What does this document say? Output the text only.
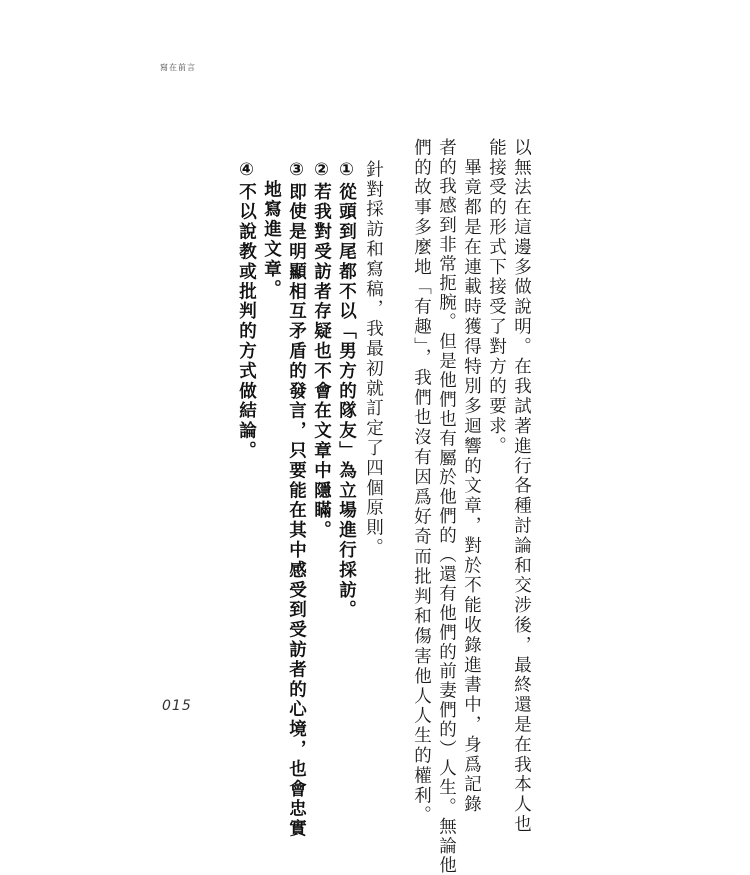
寫在前言
以無法在這邊多做說明。在我試著進行各種討論和交涉後，最終還是在我本人也
能接受的形式下接受了對方的要求。
　畢竟都是在連載時獲得特別多迴響的文章，對於不能收錄進書中，身爲記錄
者的我感到非常扼腕。但是他們也有屬於他們的（還有他們的前妻們的）人生。無論他
們的故事多麼地「有趣」，我們也沒有因爲好奇而批判和傷害他人人生的權利。
針對採訪和寫稿，我最初就訂定了四個原則。
①從頭到尾都不以「男方的隊友」為立場進行採訪。
②若我對受訪者存疑也不會在文章中隱瞞。
③即使是明顯相互矛盾的發言，只要能在其中感受到受訪者的心境，也會忠實
　地寫進文章。
④不以說教或批判的方式做結論。
015
